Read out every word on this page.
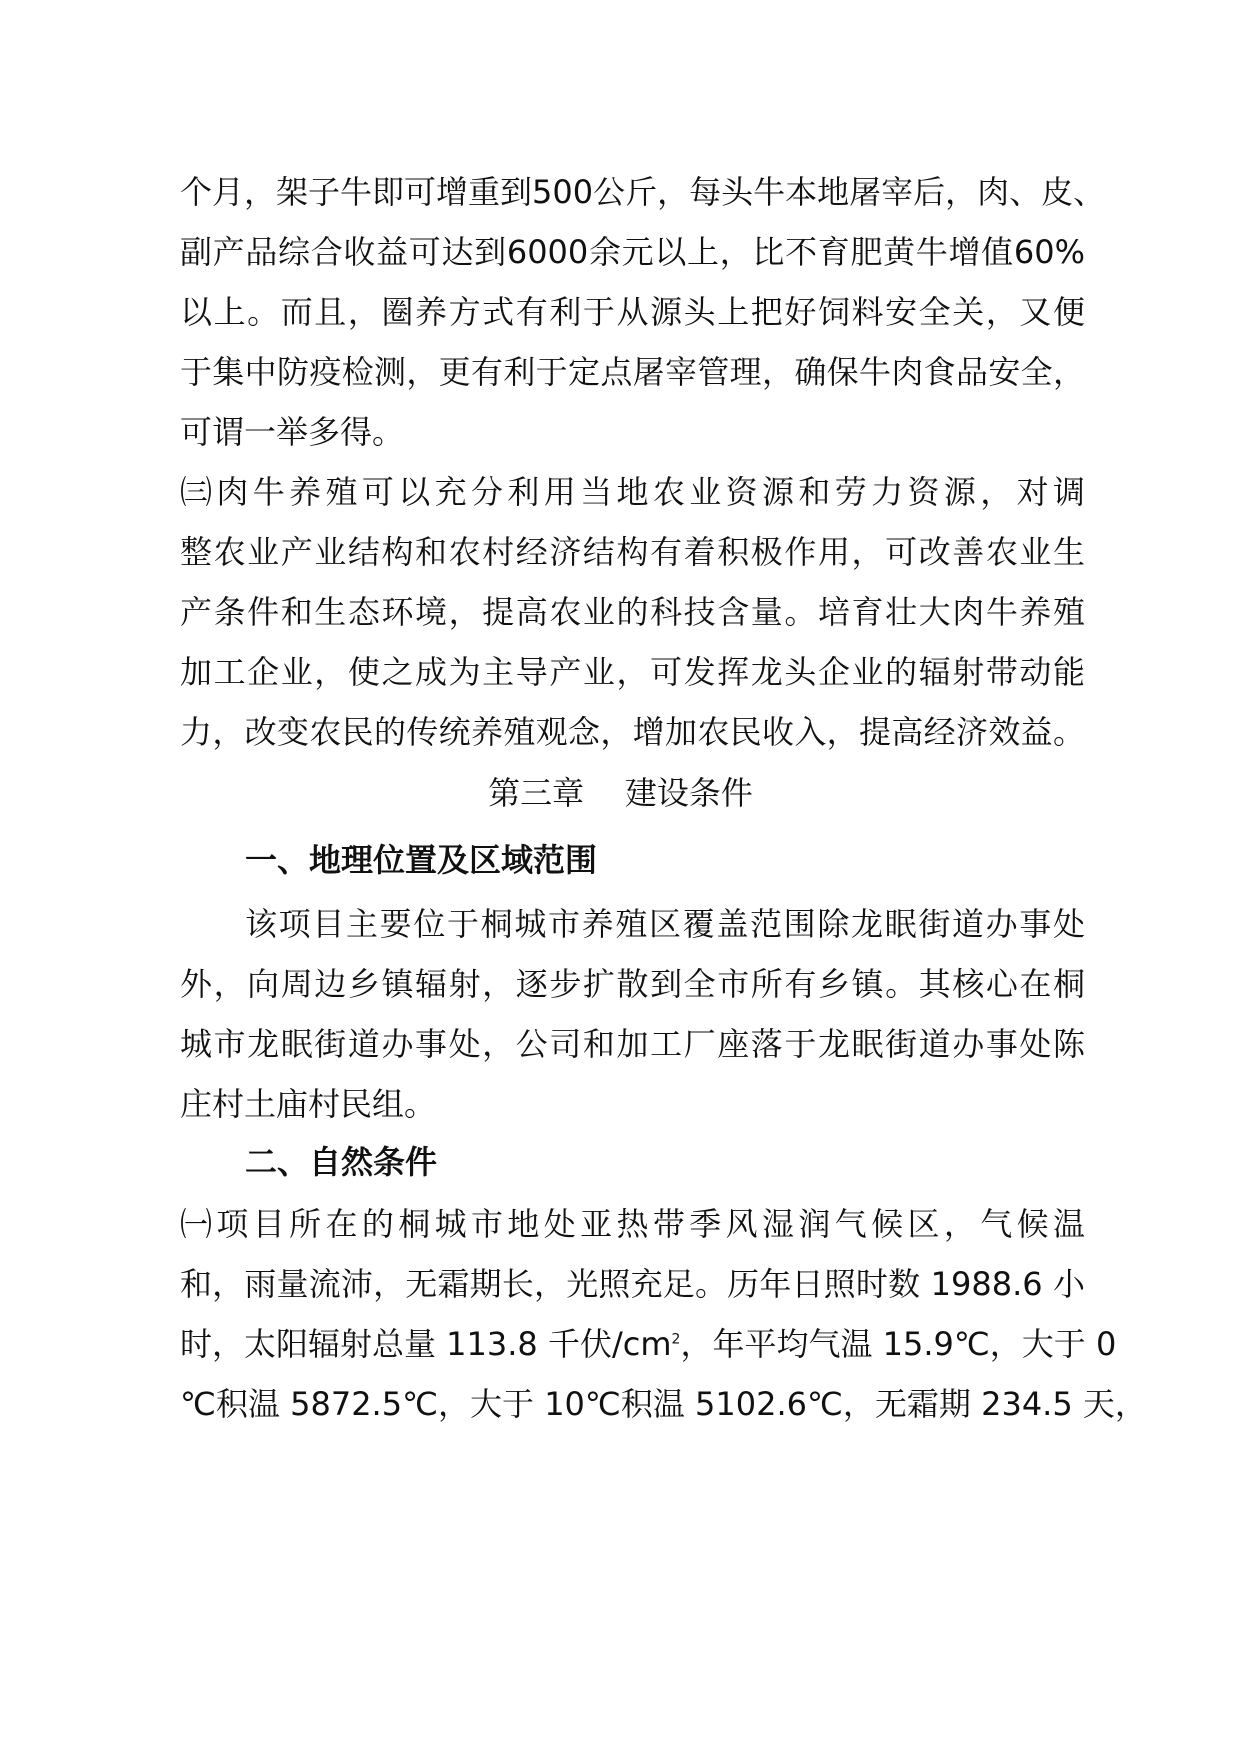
个月，架子牛即可增重到500公斤，每头牛本地屠宰后，肉、皮、
副产品综合收益可达到6000余元以上，比不育肥黄牛增值60%
以上。而且，圈养方式有利于从源头上把好饲料安全关，又便
于集中防疫检测，更有利于定点屠宰管理，确保牛肉食品安全，
可谓一举多得。
㈢肉牛养殖可以充分利用当地农业资源和劳力资源，对调
整农业产业结构和农村经济结构有着积极作用，可改善农业生
产条件和生态环境，提高农业的科技含量。培育壮大肉牛养殖
加工企业，使之成为主导产业，可发挥龙头企业的辐射带动能
力，改变农民的传统养殖观念，增加农民收入，提高经济效益。
第三章    建设条件
一、地理位置及区域范围
该项目主要位于桐城市养殖区覆盖范围除龙眠街道办事处
外，向周边乡镇辐射，逐步扩散到全市所有乡镇。其核心在桐
城市龙眠街道办事处，公司和加工厂座落于龙眠街道办事处陈
庄村土庙村民组。
二、自然条件
㈠项目所在的桐城市地处亚热带季风湿润气候区，气候温
和，雨量流沛，无霜期长，光照充足。历年日照时数 1988.6 小
时，太阳辐射总量 113.8 千伏$/cm^2$，年平均气温 15.9℃，大于 0
℃积温 5872.5℃，大于 10℃积温 5102.6℃，无霜期 234.5 天，
